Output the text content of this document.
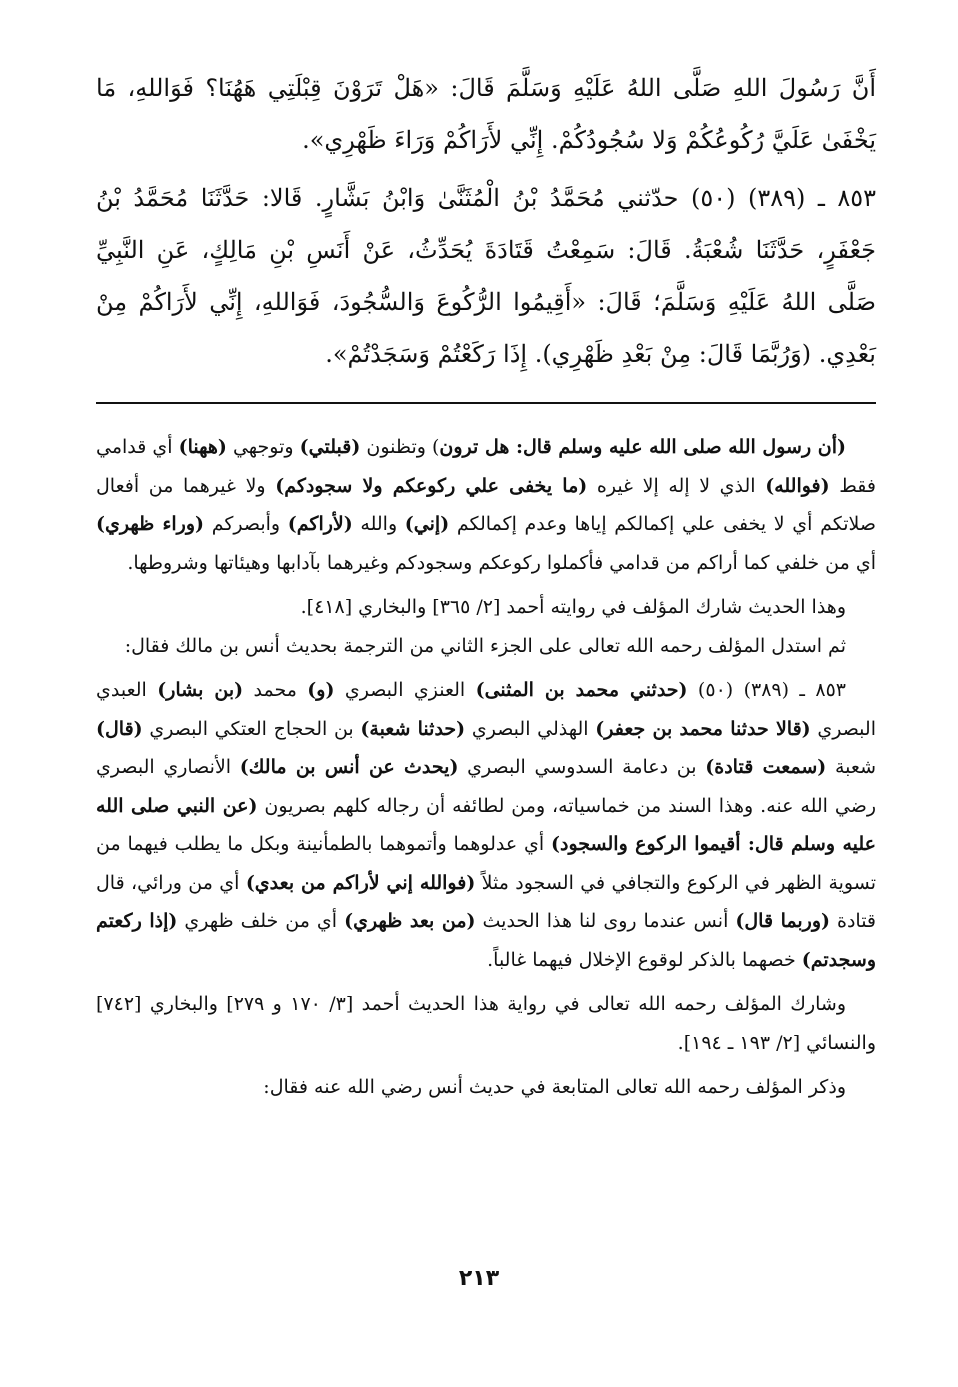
أَنَّ رَسُولَ اللهِ صَلَّى اللهُ عَلَيْهِ وَسَلَّمَ قَالَ: «هَلْ تَرَوْنَ قِبْلَتِي هَهُنَا؟ فَوَاللهِ، مَا يَخْفَىٰ عَلَيَّ رُكُوعُكُمْ وَلا سُجُودُكُمْ. إِنِّي لأَرَاكُمْ وَرَاءَ ظَهْرِي».

٨٥٣ ـ (٣٨٩) (٥٠) حدّثني مُحَمَّدُ بْنُ الْمُثَنَّىٰ وَابْنُ بَشَّارٍ. قَالا: حَدَّثَنَا مُحَمَّدُ بْنُ جَعْفَرٍ، حَدَّثَنَا شُعْبَةُ. قَالَ: سَمِعْتُ قَتَادَةَ يُحَدِّثُ، عَنْ أَنَسِ بْنِ مَالِكٍ، عَنِ النَّبِيِّ صَلَّى اللهُ عَلَيْهِ وَسَلَّمَ؛ قَالَ: «أَقِيمُوا الرُّكُوعَ وَالسُّجُودَ، فَوَاللهِ، إِنِّي لأَرَاكُمْ مِنْ بَعْدِي. (وَرُبَّمَا قَالَ: مِنْ بَعْدِ ظَهْرِي). إِذَا رَكَعْتُمْ وَسَجَدْتُمْ».

(أن رسول الله صلى الله عليه وسلم قال: هل ترون) وتظنون (قبلتي) وتوجهي (ههنا) أي قدامي فقط (فوالله) الذي لا إله إلا غيره (ما يخفى علي ركوعكم ولا سجودكم) ولا غيرهما من أفعال صلاتكم أي لا يخفى علي إكمالكم إياها وعدم إكمالكم (إني) والله (لأراكم) وأبصركم (وراء ظهري) أي من خلفي كما أراكم من قدامي فأكملوا ركوعكم وسجودكم وغيرهما بآدابها وهيئاتها وشروطها.

وهذا الحديث شارك المؤلف في روايته أحمد [٢/ ٣٦٥] والبخاري [٤١٨].

ثم استدل المؤلف رحمه الله تعالى على الجزء الثاني من الترجمة بحديث أنس بن مالك فقال:

٨٥٣ ـ (٣٨٩) (٥٠) (حدثني محمد بن المثنى) العنزي البصري (و) محمد (بن بشار) العبدي البصري (قالا حدثنا محمد بن جعفر) الهذلي البصري (حدثنا شعبة) بن الحجاج العتكي البصري (قال) شعبة (سمعت قتادة) بن دعامة السدوسي البصري (يحدث عن أنس بن مالك) الأنصاري البصري رضي الله عنه. وهذا السند من خماسياته، ومن لطائفه أن رجاله كلهم بصريون (عن النبي صلى الله عليه وسلم قال: أقيموا الركوع والسجود) أي عدلوهما وأتموهما بالطمأنينة وبكل ما يطلب فيهما من تسوية الظهر في الركوع والتجافي في السجود مثلاً (فوالله إني لأراكم من بعدي) أي من ورائي، قال قتادة (وربما قال) أنس عندما روى لنا هذا الحديث (من بعد ظهري) أي من خلف ظهري (إذا ركعتم وسجدتم) خصهما بالذكر لوقوع الإخلال فيهما غالباً.

وشارك المؤلف رحمه الله تعالى في رواية هذا الحديث أحمد [٣/ ١٧٠ و ٢٧٩] والبخاري [٧٤٢] والنسائي [٢/ ١٩٣ ـ ١٩٤].

وذكر المؤلف رحمه الله تعالى المتابعة في حديث أنس رضي الله عنه فقال:

٢١٣
